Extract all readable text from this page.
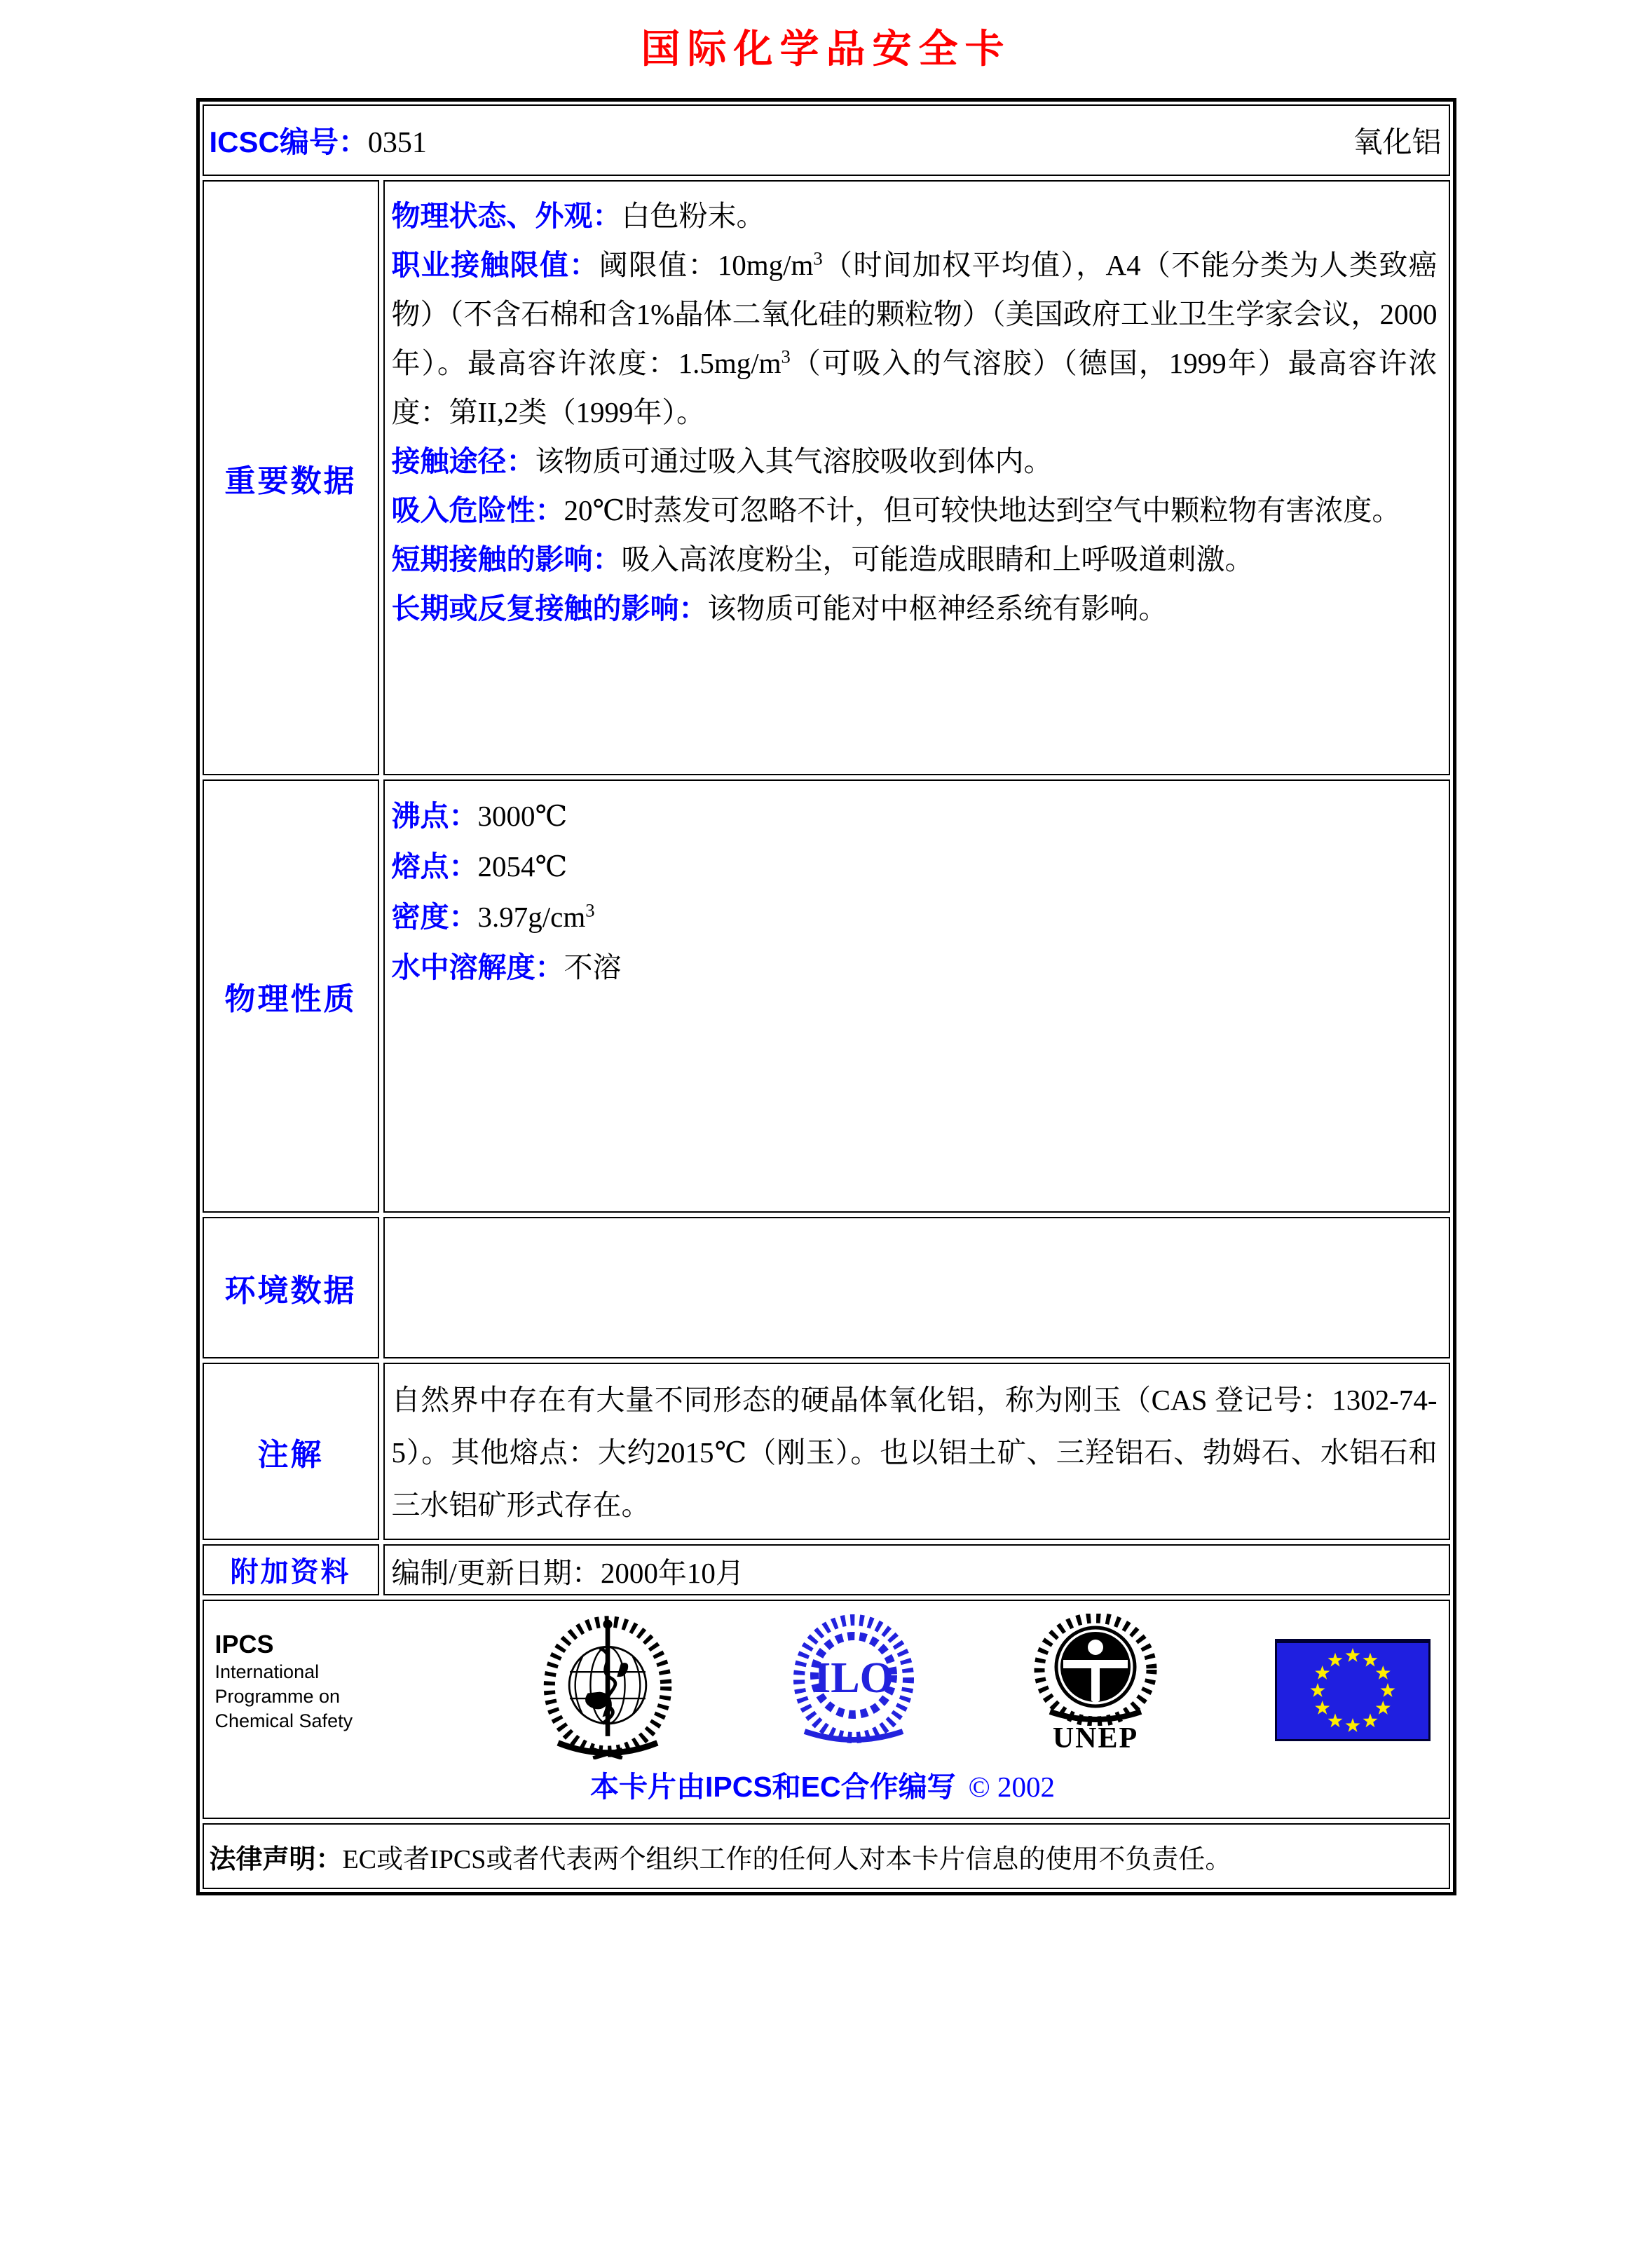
国际化学品安全卡
ICSC编号：0351	氧化铝
重要数据
物理状态、外观：白色粉末。
职业接触限值：阈限值：$10mg/m^3$（时间加权平均值），A4（不能分类为人类致癌物）（不含石棉和含1%晶体二氧化硅的颗粒物）（美国政府工业卫生学家会议，2000年）。最高容许浓度：$1.5mg/m^3$（可吸入的气溶胶）（德国，1999年）最高容许浓度：第II,2类（1999年）。
接触途径：该物质可通过吸入其气溶胶吸收到体内。
吸入危险性：20℃时蒸发可忽略不计，但可较快地达到空气中颗粒物有害浓度。
短期接触的影响：吸入高浓度粉尘，可能造成眼睛和上呼吸道刺激。
长期或反复接触的影响：该物质可能对中枢神经系统有影响。
物理性质

沸点：3000℃

熔点：2054℃

密度：$3.97g/cm^3$

水中溶解度：不溶

环境数据
注解
自然界中存在有大量不同形态的硬晶体氧化铝，称为刚玉（CAS 登记号：1302-74-5）。其他熔点：大约2015℃（刚玉）。也以铝土矿、三羟铝石、勃姆石、水铝石和三水铝矿形式存在。
附加资料	编制/更新日期：2000年10月
IPCS
International
Programme on
Chemical Safety
ILO
UNEP
本卡片由IPCS和EC合作编写 © 2002
法律声明： EC或者IPCS或者代表两个组织工作的任何人对本卡片信息的使用不负责任。
